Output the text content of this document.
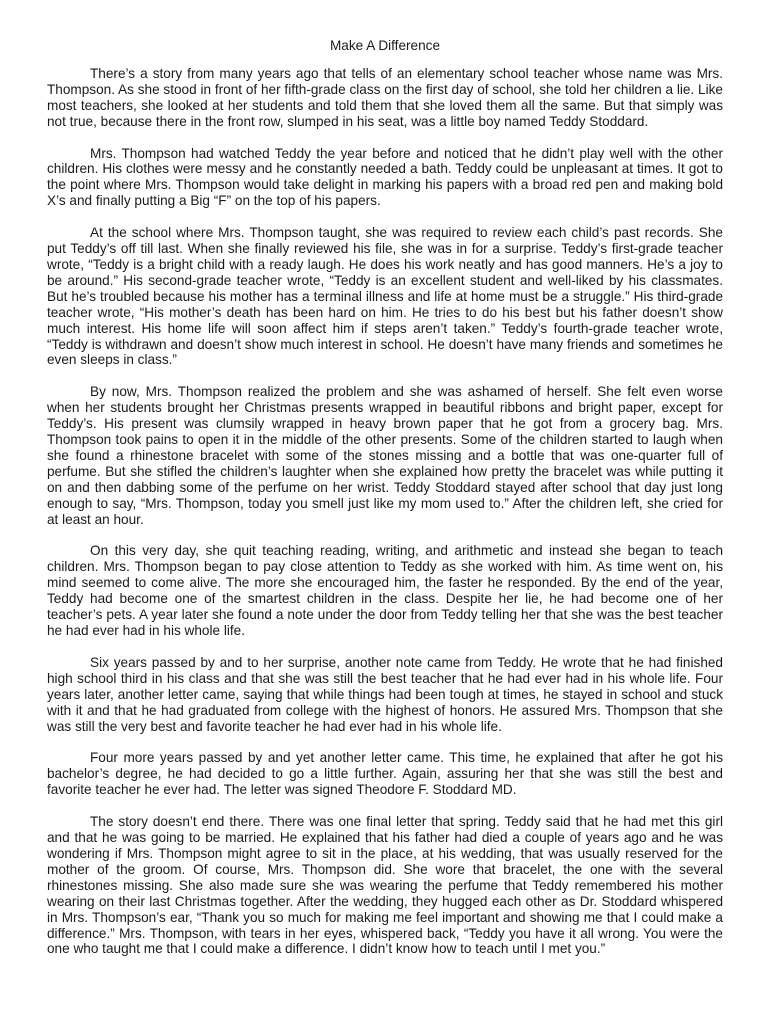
Make A Difference

There’s a story from many years ago that tells of an elementary school teacher whose name was Mrs. Thompson. As she stood in front of her fifth-grade class on the first day of school, she told her children a lie. Like most teachers, she looked at her students and told them that she loved them all the same. But that simply was not true, because there in the front row, slumped in his seat, was a little boy named Teddy Stoddard.

Mrs. Thompson had watched Teddy the year before and noticed that he didn’t play well with the other children. His clothes were messy and he constantly needed a bath. Teddy could be unpleasant at times. It got to the point where Mrs. Thompson would take delight in marking his papers with a broad red pen and making bold X’s and finally putting a Big “F” on the top of his papers.

At the school where Mrs. Thompson taught, she was required to review each child’s past records. She put Teddy’s off till last. When she finally reviewed his file, she was in for a surprise. Teddy’s first-grade teacher wrote, “Teddy is a bright child with a ready laugh. He does his work neatly and has good manners. He’s a joy to be around.” His second-grade teacher wrote, “Teddy is an excellent student and well-liked by his classmates. But he’s troubled because his mother has a terminal illness and life at home must be a struggle.” His third-grade teacher wrote, “His mother’s death has been hard on him. He tries to do his best but his father doesn’t show much interest. His home life will soon affect him if steps aren’t taken.” Teddy’s fourth-grade teacher wrote, “Teddy is withdrawn and doesn’t show much interest in school. He doesn’t have many friends and sometimes he even sleeps in class.”

By now, Mrs. Thompson realized the problem and she was ashamed of herself. She felt even worse when her students brought her Christmas presents wrapped in beautiful ribbons and bright paper, except for Teddy’s. His present was clumsily wrapped in heavy brown paper that he got from a grocery bag. Mrs. Thompson took pains to open it in the middle of the other presents. Some of the children started to laugh when she found a rhinestone bracelet with some of the stones missing and a bottle that was one-quarter full of perfume. But she stifled the children’s laughter when she explained how pretty the bracelet was while putting it on and then dabbing some of the perfume on her wrist. Teddy Stoddard stayed after school that day just long enough to say, “Mrs. Thompson, today you smell just like my mom used to.” After the children left, she cried for at least an hour.

On this very day, she quit teaching reading, writing, and arithmetic and instead she began to teach children. Mrs. Thompson began to pay close attention to Teddy as she worked with him. As time went on, his mind seemed to come alive. The more she encouraged him, the faster he responded. By the end of the year, Teddy had become one of the smartest children in the class. Despite her lie, he had become one of her teacher’s pets. A year later she found a note under the door from Teddy telling her that she was the best teacher he had ever had in his whole life.

Six years passed by and to her surprise, another note came from Teddy. He wrote that he had finished high school third in his class and that she was still the best teacher that he had ever had in his whole life. Four years later, another letter came, saying that while things had been tough at times, he stayed in school and stuck with it and that he had graduated from college with the highest of honors. He assured Mrs. Thompson that she was still the very best and favorite teacher he had ever had in his whole life.

Four more years passed by and yet another letter came. This time, he explained that after he got his bachelor’s degree, he had decided to go a little further. Again, assuring her that she was still the best and favorite teacher he ever had. The letter was signed Theodore F. Stoddard MD.

The story doesn’t end there. There was one final letter that spring. Teddy said that he had met this girl and that he was going to be married. He explained that his father had died a couple of years ago and he was wondering if Mrs. Thompson might agree to sit in the place, at his wedding, that was usually reserved for the mother of the groom. Of course, Mrs. Thompson did. She wore that bracelet, the one with the several rhinestones missing. She also made sure she was wearing the perfume that Teddy remembered his mother wearing on their last Christmas together. After the wedding, they hugged each other as Dr. Stoddard whispered in Mrs. Thompson’s ear, “Thank you so much for making me feel important and showing me that I could make a difference.” Mrs. Thompson, with tears in her eyes, whispered back, “Teddy you have it all wrong. You were the one who taught me that I could make a difference. I didn’t know how to teach until I met you.”
